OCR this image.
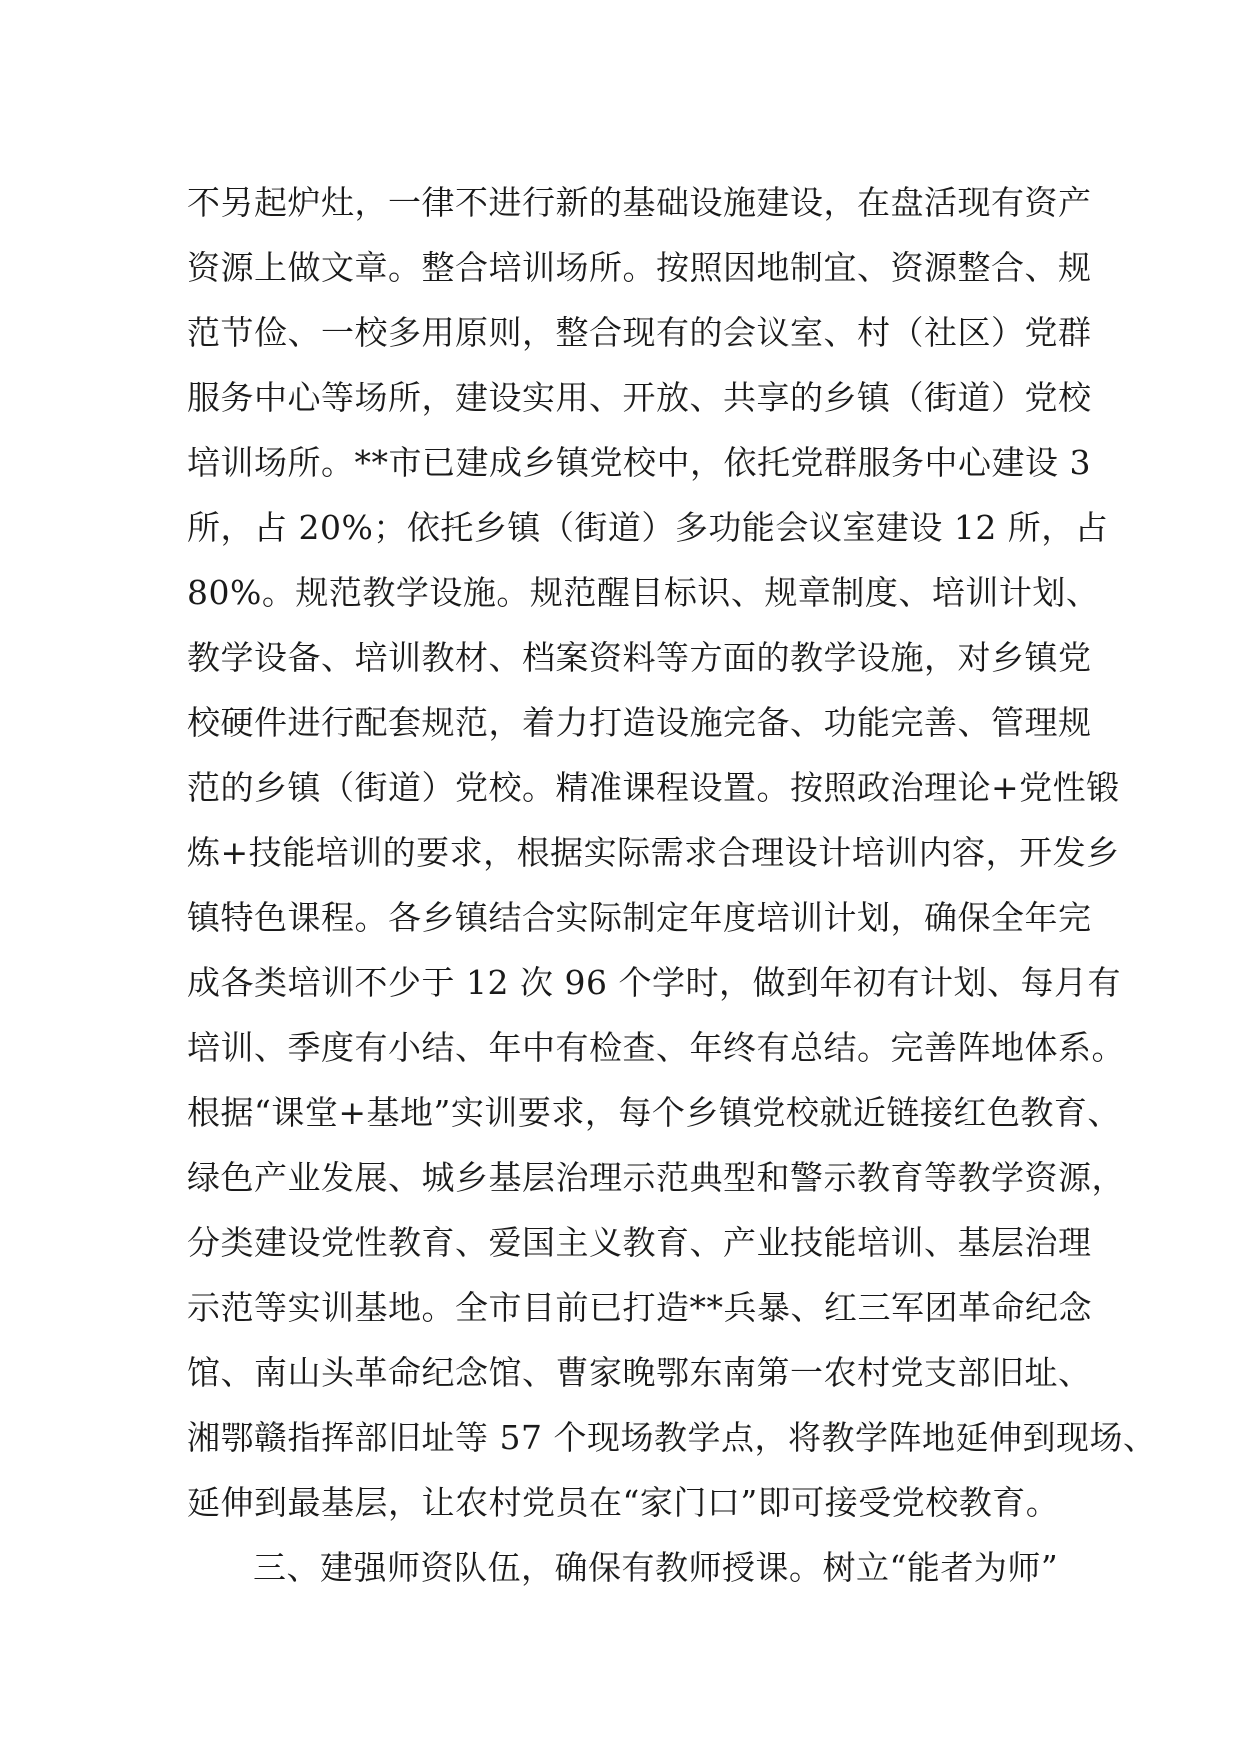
不另起炉灶，一律不进行新的基础设施建设，在盘活现有资产
资源上做文章。整合培训场所。按照因地制宜、资源整合、规
范节俭、一校多用原则，整合现有的会议室、村（社区）党群
服务中心等场所，建设实用、开放、共享的乡镇（街道）党校
培训场所。**市已建成乡镇党校中，依托党群服务中心建设 3
所，占 20%；依托乡镇（街道）多功能会议室建设 12 所，占
80%。规范教学设施。规范醒目标识、规章制度、培训计划、
教学设备、培训教材、档案资料等方面的教学设施，对乡镇党
校硬件进行配套规范，着力打造设施完备、功能完善、管理规
范的乡镇（街道）党校。精准课程设置。按照政治理论+党性锻
炼+技能培训的要求，根据实际需求合理设计培训内容，开发乡
镇特色课程。各乡镇结合实际制定年度培训计划，确保全年完
成各类培训不少于 12 次 96 个学时，做到年初有计划、每月有
培训、季度有小结、年中有检查、年终有总结。完善阵地体系。
根据“课堂+基地”实训要求，每个乡镇党校就近链接红色教育、
绿色产业发展、城乡基层治理示范典型和警示教育等教学资源，
分类建设党性教育、爱国主义教育、产业技能培训、基层治理
示范等实训基地。全市目前已打造**兵暴、红三军团革命纪念
馆、南山头革命纪念馆、曹家晚鄂东南第一农村党支部旧址、
湘鄂赣指挥部旧址等 57 个现场教学点，将教学阵地延伸到现场、
延伸到最基层，让农村党员在“家门口”即可接受党校教育。
三、建强师资队伍，确保有教师授课。树立“能者为师”
